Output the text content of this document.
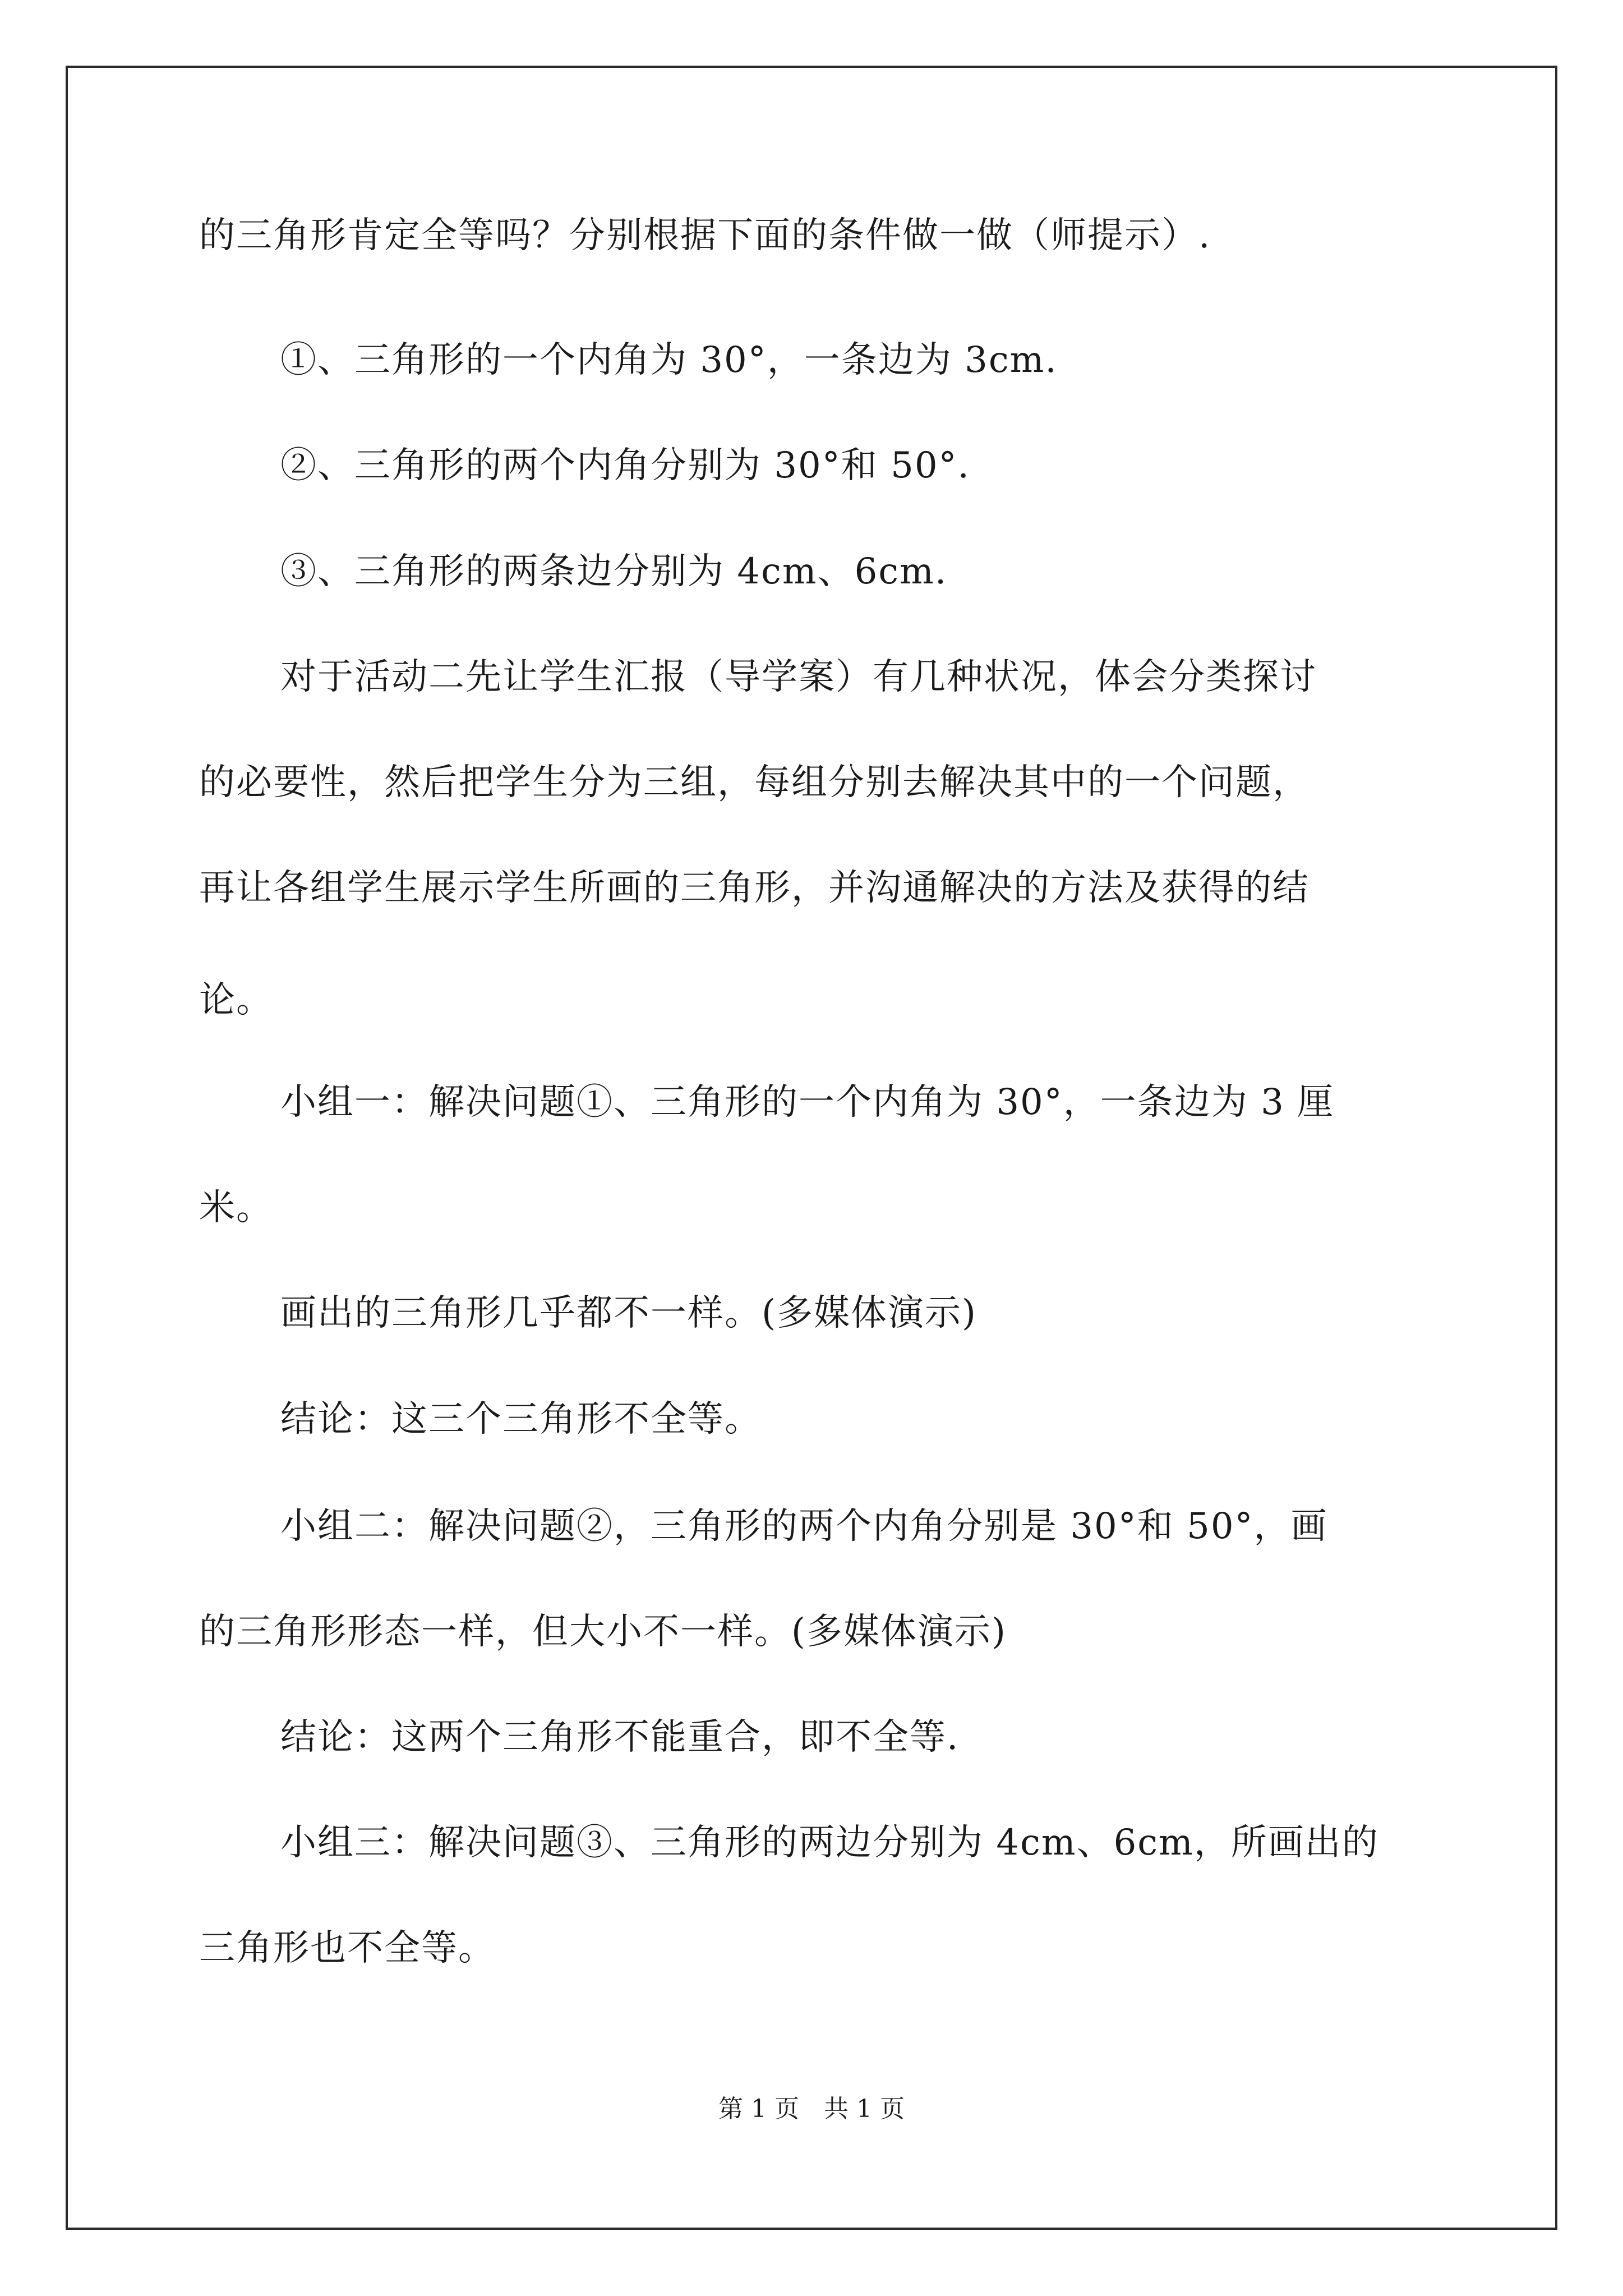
的三角形肯定全等吗？分别根据下面的条件做一做（师提示）.
①、三角形的一个内角为 30°，一条边为 3cm.
②、三角形的两个内角分别为 30°和 50°.
③、三角形的两条边分别为 4cm、6cm.
对于活动二先让学生汇报（导学案）有几种状况，体会分类探讨
的必要性，然后把学生分为三组，每组分别去解决其中的一个问题，
再让各组学生展示学生所画的三角形，并沟通解决的方法及获得的结
论。
小组一：解决问题①、三角形的一个内角为 30°，一条边为 3 厘
米。
画出的三角形几乎都不一样。(多媒体演示)
结论：这三个三角形不全等。
小组二：解决问题②，三角形的两个内角分别是 30°和 50°，画
的三角形形态一样，但大小不一样。(多媒体演示)
结论：这两个三角形不能重合，即不全等.
小组三：解决问题③、三角形的两边分别为 4cm、6cm，所画出的
三角形也不全等。
第 1 页　共 1 页
